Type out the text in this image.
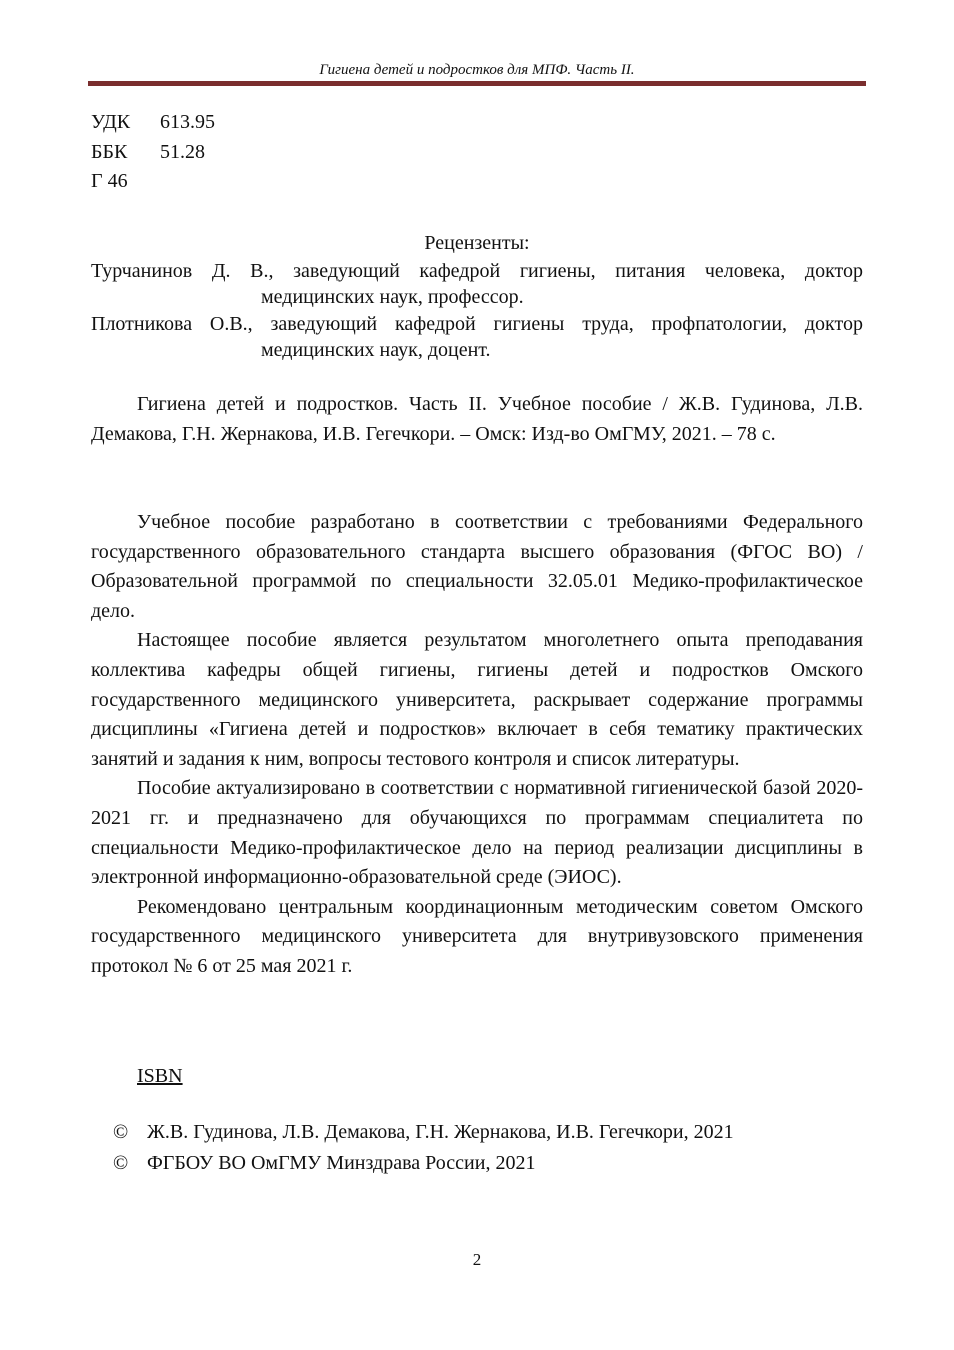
Гигиена детей и подростков для МПФ. Часть II.
УДК 613.95
ББК 51.28
Г 46
Рецензенты:
Турчанинов Д. В., заведующий кафедрой гигиены, питания человека, доктор медицинских наук, профессор.
Плотникова О.В., заведующий кафедрой гигиены труда, профпатологии, доктор медицинских наук, доцент.

Гигиена детей и подростков. Часть II. Учебное пособие / Ж.В. Гудинова, Л.В. Демакова, Г.Н. Жернакова, И.В. Гегечкори. – Омск: Изд-во ОмГМУ, 2021. – 78 с.

Учебное пособие разработано в соответствии с требованиями Федерального государственного образовательного стандарта высшего образования (ФГОС ВО) / Образовательной программой по специальности 32.05.01 Медико-профилактическое дело.

Настоящее пособие является результатом многолетнего опыта преподавания коллектива кафедры общей гигиены, гигиены детей и подростков Омского государственного медицинского университета, раскрывает содержание программы дисциплины «Гигиена детей и подростков» включает в себя тематику практических занятий и задания к ним, вопросы тестового контроля и список литературы.

Пособие актуализировано в соответствии с нормативной гигиенической базой 2020-2021 гг. и предназначено для обучающихся по программам специалитета по специальности Медико-профилактическое дело на период реализации дисциплины в электронной информационно-образовательной среде (ЭИОС).

Рекомендовано центральным координационным методическим советом Омского государственного медицинского университета для внутривузовского применения протокол № 6 от 25 мая 2021 г.

ISBN
© Ж.В. Гудинова, Л.В. Демакова, Г.Н. Жернакова, И.В. Гегечкори, 2021
© ФГБОУ ВО ОмГМУ Минздрава России, 2021
2
